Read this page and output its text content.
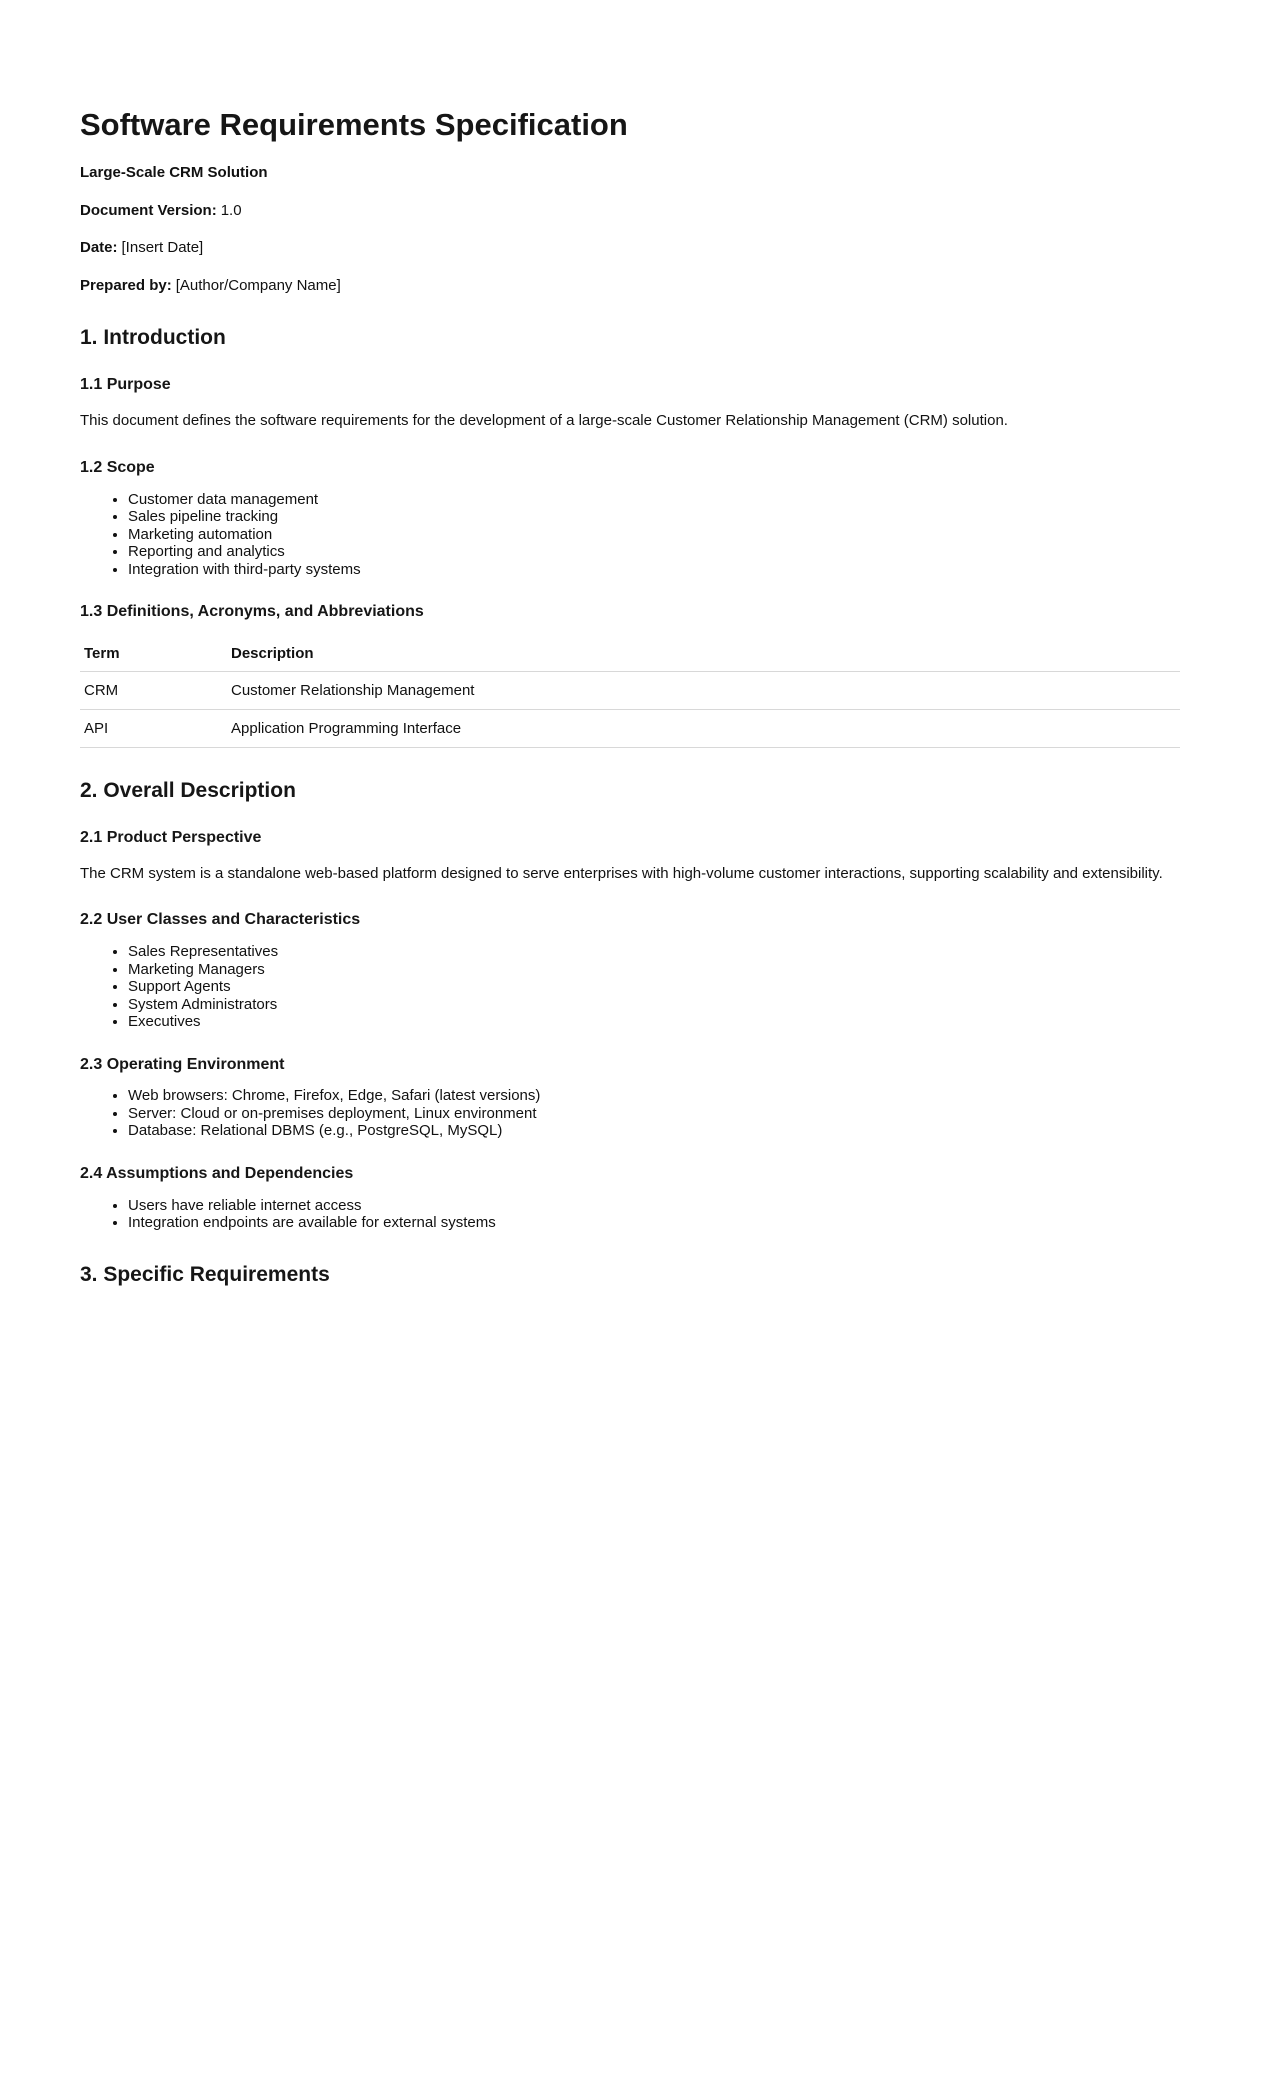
Software Requirements Specification

Large-Scale CRM Solution

Document Version: 1.0

Date: [Insert Date]

Prepared by: [Author/Company Name]

1. Introduction
1.1 Purpose

This document defines the software requirements for the development of a large-scale Customer Relationship Management (CRM) solution.

1.2 Scope
• Customer data management
• Sales pipeline tracking
• Marketing automation
• Reporting and analytics
• Integration with third-party systems
1.3 Definitions, Acronyms, and Abbreviations
Term	Description
CRM	Customer Relationship Management
API	Application Programming Interface
2. Overall Description
2.1 Product Perspective

The CRM system is a standalone web-based platform designed to serve enterprises with high-volume customer interactions, supporting scalability and extensibility.

2.2 User Classes and Characteristics
• Sales Representatives
• Marketing Managers
• Support Agents
• System Administrators
• Executives
2.3 Operating Environment
• Web browsers: Chrome, Firefox, Edge, Safari (latest versions)
• Server: Cloud or on-premises deployment, Linux environment
• Database: Relational DBMS (e.g., PostgreSQL, MySQL)
2.4 Assumptions and Dependencies
• Users have reliable internet access
• Integration endpoints are available for external systems
3. Specific Requirements
